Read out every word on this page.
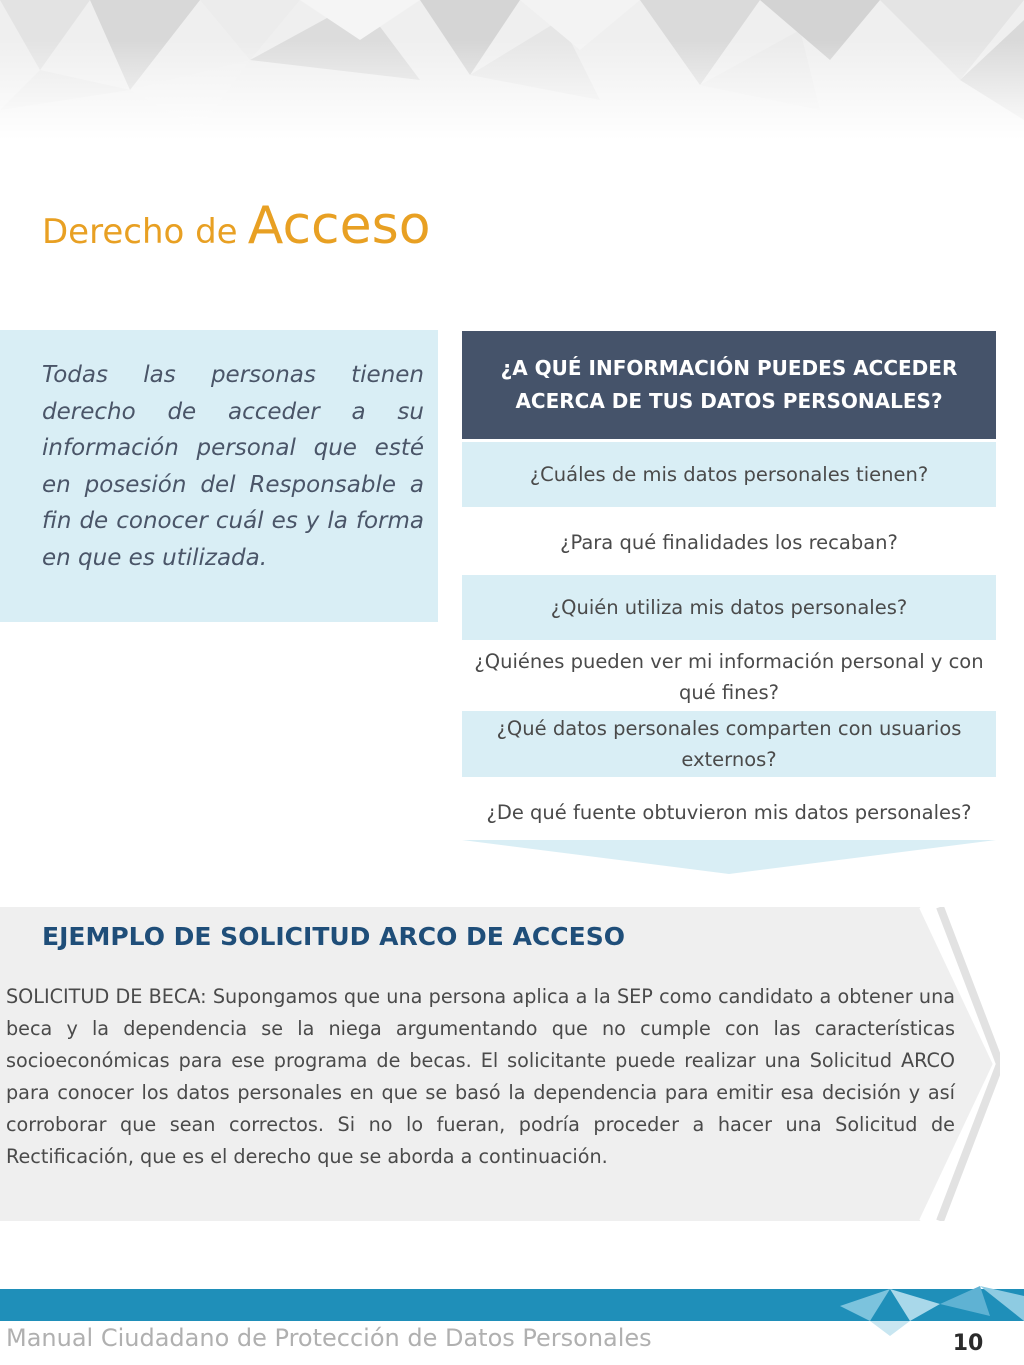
Derecho de Acceso

Todas las personas tienen derecho de acceder a su información personal que esté en posesión del Responsable a fin de conocer cuál es y la forma en que es utilizada.

¿A QUÉ INFORMACIÓN PUEDES ACCEDER ACERCA DE TUS DATOS PERSONALES?
¿Cuáles de mis datos personales tienen?
¿Para qué finalidades los recaban?
¿Quién utiliza mis datos personales?
¿Quiénes pueden ver mi información personal y con qué fines?
¿Qué datos personales comparten con usuarios externos?
¿De qué fuente obtuvieron mis datos personales?
EJEMPLO DE SOLICITUD ARCO DE ACCESO

SOLICITUD DE BECA: Supongamos que una persona aplica a la SEP como candidato a obtener una beca y la dependencia se la niega argumentando que no cumple con las características socioeconómicas para ese programa de becas. El solicitante puede realizar una Solicitud ARCO para conocer los datos personales en que se basó la dependencia para emitir esa decisión y así corroborar que sean correctos. Si no lo fueran, podría proceder a hacer una Solicitud de Rectificación, que es el derecho que se aborda a continuación.

Manual Ciudadano de Protección de Datos Personales	10
